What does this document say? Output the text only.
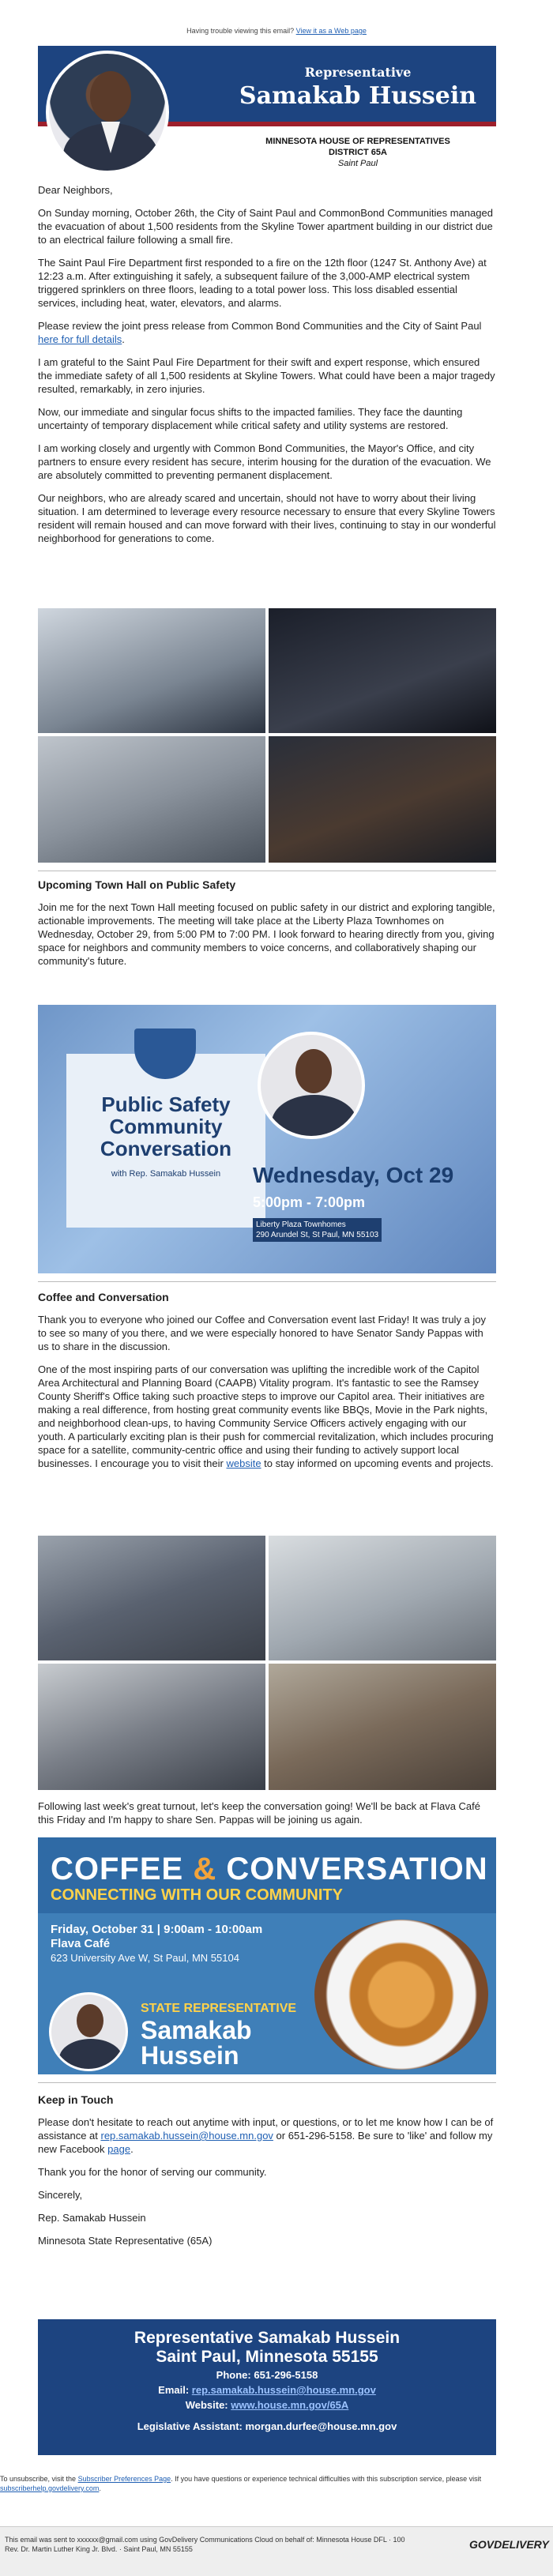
Having trouble viewing this email? View it as a Web page
Representative
Samakab Hussein
MINNESOTA HOUSE OF REPRESENTATIVES
DISTRICT 65A
Saint Paul

Dear Neighbors,

On Sunday morning, October 26th, the City of Saint Paul and CommonBond Communities managed the evacuation of about 1,500 residents from the Skyline Tower apartment building in our district due to an electrical failure following a small fire.

The Saint Paul Fire Department first responded to a fire on the 12th floor (1247 St. Anthony Ave) at 12:23 a.m. After extinguishing it safely, a subsequent failure of the 3,000-AMP electrical system triggered sprinklers on three floors, leading to a total power loss. This loss disabled essential services, including heat, water, elevators, and alarms.

Please review the joint press release from Common Bond Communities and the City of Saint Paul here for full details.

I am grateful to the Saint Paul Fire Department for their swift and expert response, which ensured the immediate safety of all 1,500 residents at Skyline Towers. What could have been a major tragedy resulted, remarkably, in zero injuries.

Now, our immediate and singular focus shifts to the impacted families. They face the daunting uncertainty of temporary displacement while critical safety and utility systems are restored.

I am working closely and urgently with Common Bond Communities, the Mayor's Office, and city partners to ensure every resident has secure, interim housing for the duration of the evacuation. We are absolutely committed to preventing permanent displacement.

Our neighbors, who are already scared and uncertain, should not have to worry about their living situation. I am determined to leverage every resource necessary to ensure that every Skyline Towers resident will remain housed and can move forward with their lives, continuing to stay in our wonderful neighborhood for generations to come.

Upcoming Town Hall on Public Safety

Join me for the next Town Hall meeting focused on public safety in our district and exploring tangible, actionable improvements. The meeting will take place at the Liberty Plaza Townhomes on Wednesday, October 29, from 5:00 PM to 7:00 PM. I look forward to hearing directly from you, giving space for neighbors and community members to voice concerns, and collaboratively shaping our community's future.

Public Safety Community Conversation
with Rep. Samakab Hussein	Wednesday, Oct 29
5:00pm - 7:00pm
Liberty Plaza Townhomes
290 Arundel St, St Paul, MN 55103
Coffee and Conversation

Thank you to everyone who joined our Coffee and Conversation event last Friday! It was truly a joy to see so many of you there, and we were especially honored to have Senator Sandy Pappas with us to share in the discussion.

One of the most inspiring parts of our conversation was uplifting the incredible work of the Capitol Area Architectural and Planning Board (CAAPB) Vitality program. It's fantastic to see the Ramsey County Sheriff's Office taking such proactive steps to improve our Capitol area. Their initiatives are making a real difference, from hosting great community events like BBQs, Movie in the Park nights, and neighborhood clean-ups, to having Community Service Officers actively engaging with our youth. A particularly exciting plan is their push for commercial revitalization, which includes procuring space for a satellite, community-centric office and using their funding to actively support local businesses. I encourage you to visit their website to stay informed on upcoming events and projects.

Following last week's great turnout, let's keep the conversation going! We'll be back at Flava Café this Friday and I'm happy to share Sen. Pappas will be joining us again.

COFFEE & CONVERSATION
CONNECTING WITH OUR COMMUNITY
Friday, October 31 | 9:00am - 10:00am
Flava Café
623 University Ave W, St Paul, MN 55104
STATE REPRESENTATIVE
Samakab
Hussein
Keep in Touch

Please don't hesitate to reach out anytime with input, or questions, or to let me know how I can be of assistance at rep.samakab.hussein@house.mn.gov or 651-296-5158. Be sure to 'like' and follow my new Facebook page.

Thank you for the honor of serving our community.

Sincerely,

Rep. Samakab Hussein

Minnesota State Representative (65A)

Representative Samakab Hussein
Saint Paul, Minnesota 55155
Phone: 651-296-5158
Email: rep.samakab.hussein@house.mn.gov
Website: www.house.mn.gov/65A
Legislative Assistant: morgan.durfee@house.mn.gov
To unsubscribe, visit the Subscriber Preferences Page. If you have questions or experience technical difficulties with this subscription service, please visit subscriberhelp.govdelivery.com.
This email was sent to xxxxxx@gmail.com using GovDelivery Communications Cloud on behalf of: Minnesota House DFL · 100
Rev. Dr. Martin Luther King Jr. Blvd. · Saint Paul, MN 55155	GOVDELIVERY
